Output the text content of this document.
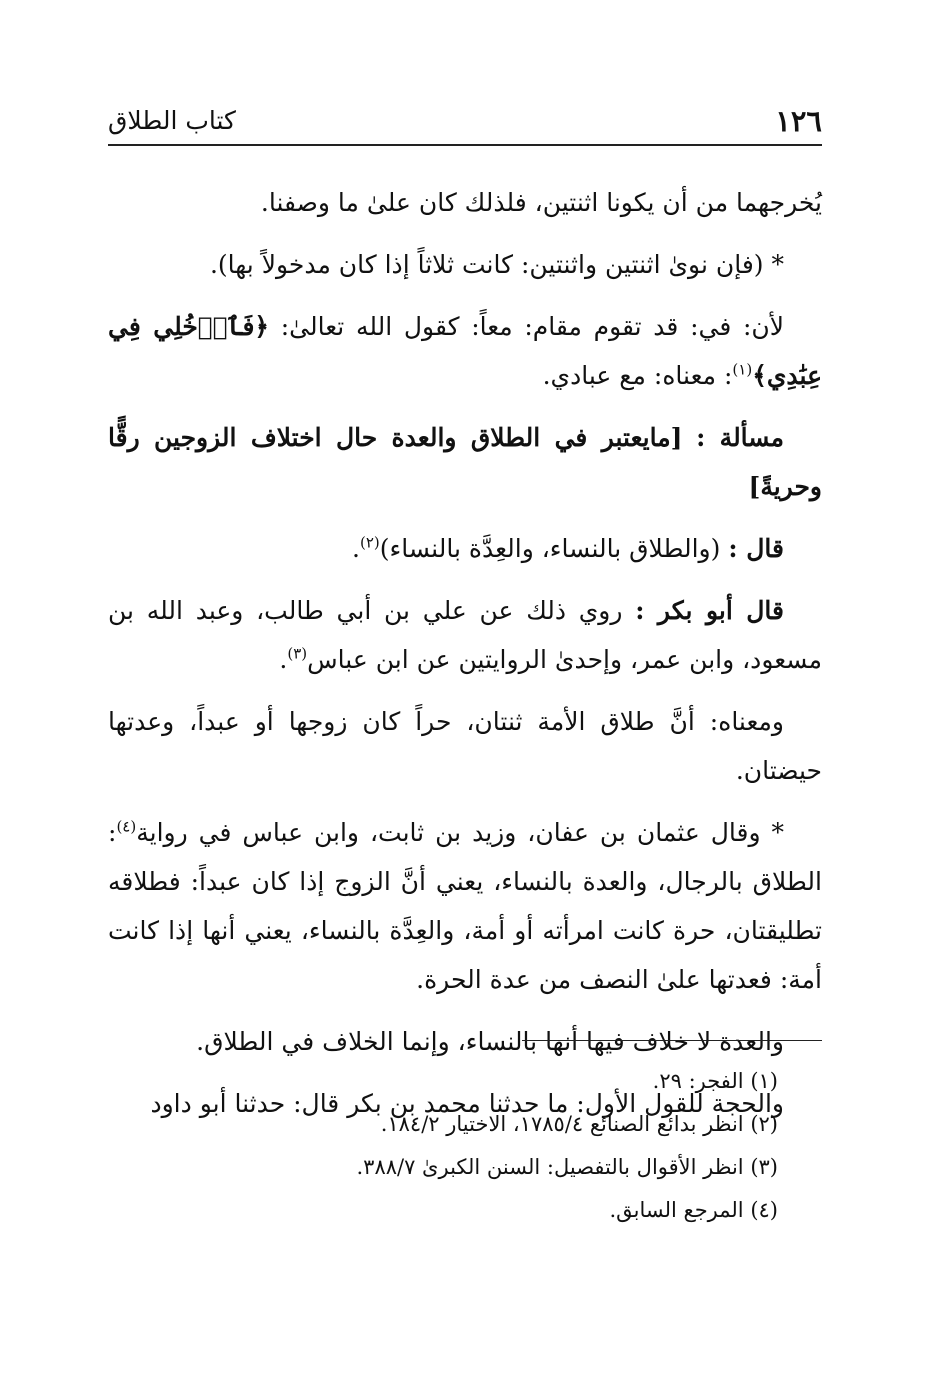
١٢٦
كتاب الطلاق

يُخرجهما من أن يكونا اثنتين، فلذلك كان علىٰ ما وصفنا.

* (فإن نوىٰ اثنتين واثنتين: كانت ثلاثاً إذا كان مدخولاً بها).

لأن: في: قد تقوم مقام: معاً: كقول الله تعالىٰ: ﴿فَٱدۡخُلِي فِي عِبَٰدِي﴾$^{(١)}$: معناه: مع عبادي.

مسألة : [مايعتبر في الطلاق والعدة حال اختلاف الزوجين رقًّا وحريةً]

قال : (والطلاق بالنساء، والعِدَّة بالنساء)$^{(٢)}$.

قال أبو بكر : روي ذلك عن علي بن أبي طالب، وعبد الله بن مسعود، وابن عمر، وإحدىٰ الروايتين عن ابن عباس$^{(٣)}$.

ومعناه: أنَّ طلاق الأمة ثنتان، حراً كان زوجها أو عبداً، وعدتها حيضتان.

* وقال عثمان بن عفان، وزيد بن ثابت، وابن عباس في رواية$^{(٤)}$: الطلاق بالرجال، والعدة بالنساء، يعني أنَّ الزوج إذا كان عبداً: فطلاقه تطليقتان، حرة كانت امرأته أو أمة، والعِدَّة بالنساء، يعني أنها إذا كانت أمة: فعدتها علىٰ النصف من عدة الحرة.

والعدة لا خلاف فيها أنها بالنساء، وإنما الخلاف في الطلاق.

والحجة للقول الأول: ما حدثنا محمد بن بكر قال: حدثنا أبو داود

(١) الفجر: ٢٩.
(٢) انظر بدائع الصنائع ١٧٨٥/٤، الاختيار ١٨٤/٢.
(٣) انظر الأقوال بالتفصيل: السنن الكبرىٰ ٣٨٨/٧.
(٤) المرجع السابق.
